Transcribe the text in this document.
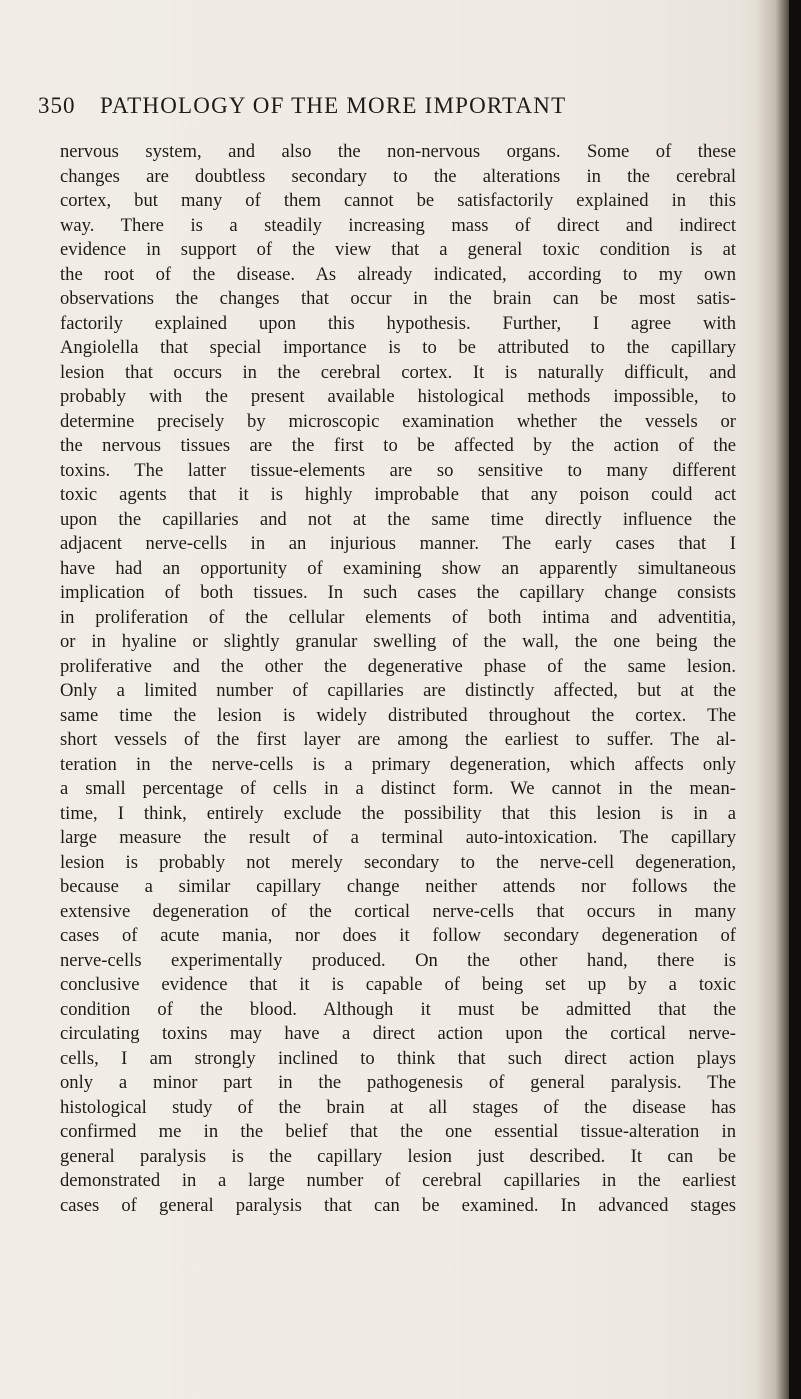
350 PATHOLOGY OF THE MORE IMPORTANT
nervous system, and also the non-nervous organs. Some of these
changes are doubtless secondary to the alterations in the cerebral
cortex, but many of them cannot be satisfactorily explained in this
way. There is a steadily increasing mass of direct and indirect
evidence in support of the view that a general toxic condition is at
the root of the disease. As already indicated, according to my own
observations the changes that occur in the brain can be most satis-
factorily explained upon this hypothesis. Further, I agree with
Angiolella that special importance is to be attributed to the capillary
lesion that occurs in the cerebral cortex. It is naturally difficult, and
probably with the present available histological methods impossible, to
determine precisely by microscopic examination whether the vessels or
the nervous tissues are the first to be affected by the action of the
toxins. The latter tissue-elements are so sensitive to many different
toxic agents that it is highly improbable that any poison could act
upon the capillaries and not at the same time directly influence the
adjacent nerve-cells in an injurious manner. The early cases that I
have had an opportunity of examining show an apparently simultaneous
implication of both tissues. In such cases the capillary change consists
in proliferation of the cellular elements of both intima and adventitia,
or in hyaline or slightly granular swelling of the wall, the one being the
proliferative and the other the degenerative phase of the same lesion.
Only a limited number of capillaries are distinctly affected, but at the
same time the lesion is widely distributed throughout the cortex. The
short vessels of the first layer are among the earliest to suffer. The al-
teration in the nerve-cells is a primary degeneration, which affects only
a small percentage of cells in a distinct form. We cannot in the mean-
time, I think, entirely exclude the possibility that this lesion is in a
large measure the result of a terminal auto-intoxication. The capillary
lesion is probably not merely secondary to the nerve-cell degeneration,
because a similar capillary change neither attends nor follows the
extensive degeneration of the cortical nerve-cells that occurs in many
cases of acute mania, nor does it follow secondary degeneration of
nerve-cells experimentally produced. On the other hand, there is
conclusive evidence that it is capable of being set up by a toxic
condition of the blood. Although it must be admitted that the
circulating toxins may have a direct action upon the cortical nerve-
cells, I am strongly inclined to think that such direct action plays
only a minor part in the pathogenesis of general paralysis. The
histological study of the brain at all stages of the disease has
confirmed me in the belief that the one essential tissue-alteration in
general paralysis is the capillary lesion just described. It can be
demonstrated in a large number of cerebral capillaries in the earliest
cases of general paralysis that can be examined. In advanced stages
